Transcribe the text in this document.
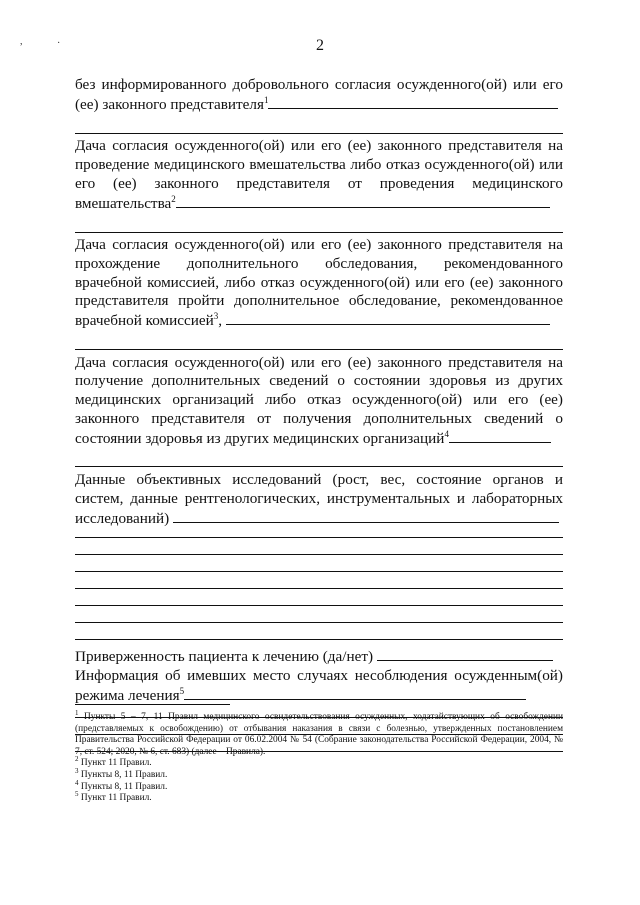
2
,	·
без информированного добровольного согласия осужденного(ой) или его (ее) законного представителя$^1$
Дача согласия осужденного(ой) или его (ее) законного представителя на проведение медицинского вмешательства либо отказ осужденного(ой) или его (ее) законного представителя от проведения медицинского вмешательства$^2$
Дача согласия осужденного(ой) или его (ее) законного представителя на прохождение дополнительного обследования, рекомендованного врачебной комиссией, либо отказ осужденного(ой) или его (ее) законного представителя пройти дополнительное обследование, рекомендованное врачебной комиссией$^3$,
Дача согласия осужденного(ой) или его (ее) законного представителя на получение дополнительных сведений о состоянии здоровья из других медицинских организаций либо отказ осужденного(ой) или его (ее) законного представителя от получения дополнительных сведений о состоянии здоровья из других медицинских организаций$^4$
Данные объективных исследований (рост, вес, состояние органов и систем, данные рентгенологических, инструментальных и лабораторных исследований)
Приверженность пациента к лечению (да/нет)
Информация об имевших место случаях несоблюдения осужденным(ой) режима лечения$^5$
$^1$ Пункты 5 – 7, 11 Правил медицинского освидетельствования осужденных, ходатайствующих об освобождении (представляемых к освобождению) от отбывания наказания в связи с болезнью, утвержденных постановлением Правительства Российской Федерации от 06.02.2004 № 54 (Собрание законодательства Российской Федерации, 2004, № 7, ст. 524; 2020, № 6, ст. 683) (далее – Правила).
$^2$ Пункт 11 Правил.
$^3$ Пункты 8, 11 Правил.
$^4$ Пункты 8, 11 Правил.
$^5$ Пункт 11 Правил.
